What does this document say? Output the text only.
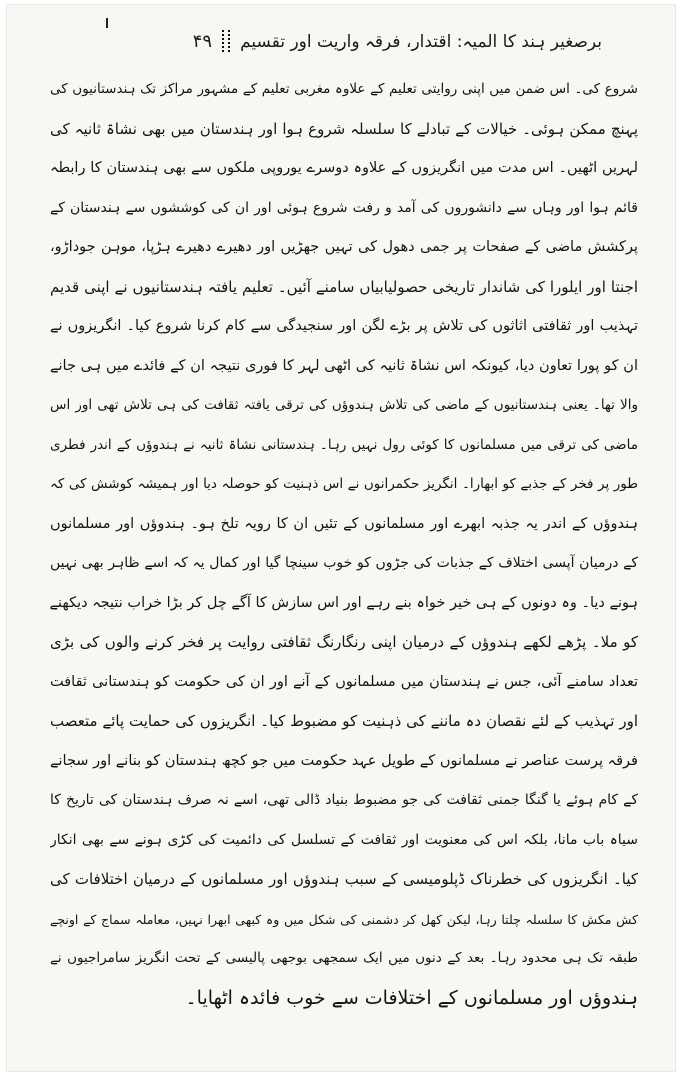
برصغیر ہند کا المیہ: اقتدار، فرقہ واریت اور تقسیم
۴۹
شروع کی۔ اس ضمن میں اپنی روایتی تعلیم کے علاوہ مغربی تعلیم کے مشہور مراکز تک ہندستانیوں کی
پہنچ ممکن ہوئی۔ خیالات کے تبادلے کا سلسلہ شروع ہوا اور ہندستان میں بھی نشاۃ ثانیہ کی
لہریں اٹھیں۔ اس مدت میں انگریزوں کے علاوہ دوسرے یوروپی ملکوں سے بھی ہندستان کا رابطہ
قائم ہوا اور وہاں سے دانشوروں کی آمد و رفت شروع ہوئی اور ان کی کوششوں سے ہندستان کے
پرکشش ماضی کے صفحات پر جمی دھول کی تہیں جھڑیں اور دھیرے دھیرے ہڑپا، موہن جوداڑو،
اجنتا اور ایلورا کی شاندار تاریخی حصولیابیاں سامنے آئیں۔ تعلیم یافتہ ہندستانیوں نے اپنی قدیم
تہذیب اور ثقافتی اثاثوں کی تلاش پر بڑے لگن اور سنجیدگی سے کام کرنا شروع کیا۔ انگریزوں نے
ان کو پورا تعاون دیا، کیونکہ اس نشاۃ ثانیہ کی اٹھی لہر کا فوری نتیجہ ان کے فائدے میں ہی جانے
والا تھا۔ یعنی ہندستانیوں کے ماضی کی تلاش ہندوؤں کی ترقی یافتہ ثقافت کی ہی تلاش تھی اور اس
ماضی کی ترقی میں مسلمانوں کا کوئی رول نہیں رہا۔ ہندستانی نشاۃ ثانیہ نے ہندوؤں کے اندر فطری
طور پر فخر کے جذبے کو ابھارا۔ انگریز حکمرانوں نے اس ذہنیت کو حوصلہ دیا اور ہمیشہ کوشش کی کہ
ہندوؤں کے اندر یہ جذبہ ابھرے اور مسلمانوں کے تئیں ان کا رویہ تلخ ہو۔ ہندوؤں اور مسلمانوں
کے درمیان آپسی اختلاف کے جذبات کی جڑوں کو خوب سینچا گیا اور کمال یہ کہ اسے ظاہر بھی نہیں
ہونے دیا۔ وہ دونوں کے ہی خیر خواہ بنے رہے اور اس سازش کا آگے چل کر بڑا خراب نتیجہ دیکھنے
کو ملا۔ پڑھے لکھے ہندوؤں کے درمیان اپنی رنگارنگ ثقافتی روایت پر فخر کرنے والوں کی بڑی
تعداد سامنے آئی، جس نے ہندستان میں مسلمانوں کے آنے اور ان کی حکومت کو ہندستانی ثقافت
اور تہذیب کے لئے نقصان دہ ماننے کی ذہنیت کو مضبوط کیا۔ انگریزوں کی حمایت پائے متعصب
فرقہ پرست عناصر نے مسلمانوں کے طویل عہد حکومت میں جو کچھ ہندستان کو بنانے اور سجانے
کے کام ہوئے یا گنگا جمنی ثقافت کی جو مضبوط بنیاد ڈالی تھی، اسے نہ صرف ہندستان کی تاریخ کا
سیاہ باب مانا، بلکہ اس کی معنویت اور ثقافت کے تسلسل کی دائمیت کی کڑی ہونے سے بھی انکار
کیا۔ انگریزوں کی خطرناک ڈپلومیسی کے سبب ہندوؤں اور مسلمانوں کے درمیان اختلافات کی
کش مکش کا سلسلہ چلتا رہا، لیکن کھل کر دشمنی کی شکل میں وہ کبھی ابھرا نہیں، معاملہ سماج کے اونچے
طبقہ تک ہی محدود رہا۔ بعد کے دنوں میں ایک سمجھی بوجھی پالیسی کے تحت انگریز سامراجیوں نے
ہندوؤں اور مسلمانوں کے اختلافات سے خوب فائدہ اٹھایا۔
